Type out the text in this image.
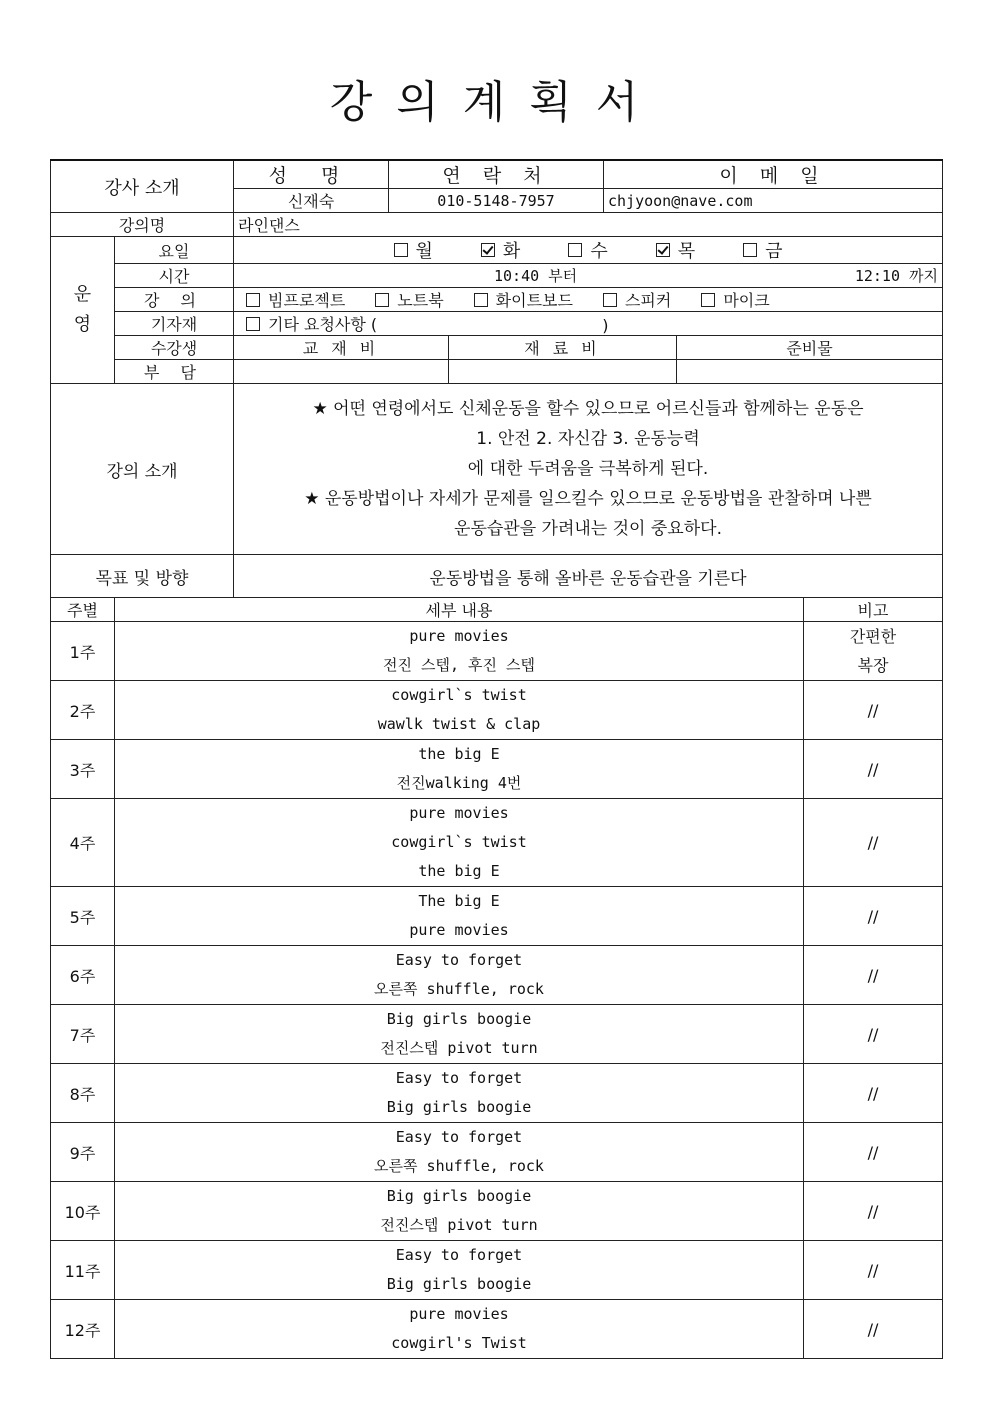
강의계획서
강사 소개		성 명	연 락 처		이 메 일		
		신재숙	010-5148-7957		chjyoon@nave.com		
강의명		라인댄스					
운
영	요일	월 화 수 목 금					

	시간	10:40 부터 12:10 까지					

	강 의	빔프로젝트 노트북 화이트보드 스피커 마이크					

	기자재	기타 요청사항 ( )					
	수강생	교 재 비		재 료 비		준비물	
	부 담						
강의 소개		★ 어떤 연령에서도 신체운동을 할수 있으므로 어르신들과 함께하는 운동은
1. 안전 2. 자신감 3. 운동능력
에 대한 두려움을 극복하게 된다.
★ 운동방법이나 자세가 문제를 일으킬수 있으므로 운동방법을 관찰하며 나쁜
운동습관을 가려내는 것이 중요하다.					

목표 및 방향		운동방법을 통해 올바른 운동습관을 기른다					
주별	세부 내용						비고
1주	pure movies
전진 스텝, 후진 스텝						간편한
복장

2주	cowgirl`s twist
wawlk twist & clap						//

3주	the big E
전진walking 4번						//

4주	pure movies
cowgirl`s twist
the big E						//

5주	The big E
pure movies						//

6주	Easy to forget
오른쪽 shuffle, rock						//

7주	Big girls boogie
전진스텝 pivot turn						//

8주	Easy to forget
Big girls boogie						//

9주	Easy to forget
오른쪽 shuffle, rock						//

10주	Big girls boogie
전진스텝 pivot turn						//

11주	Easy to forget
Big girls boogie						//

12주	pure movies
cowgirl's Twist						//
